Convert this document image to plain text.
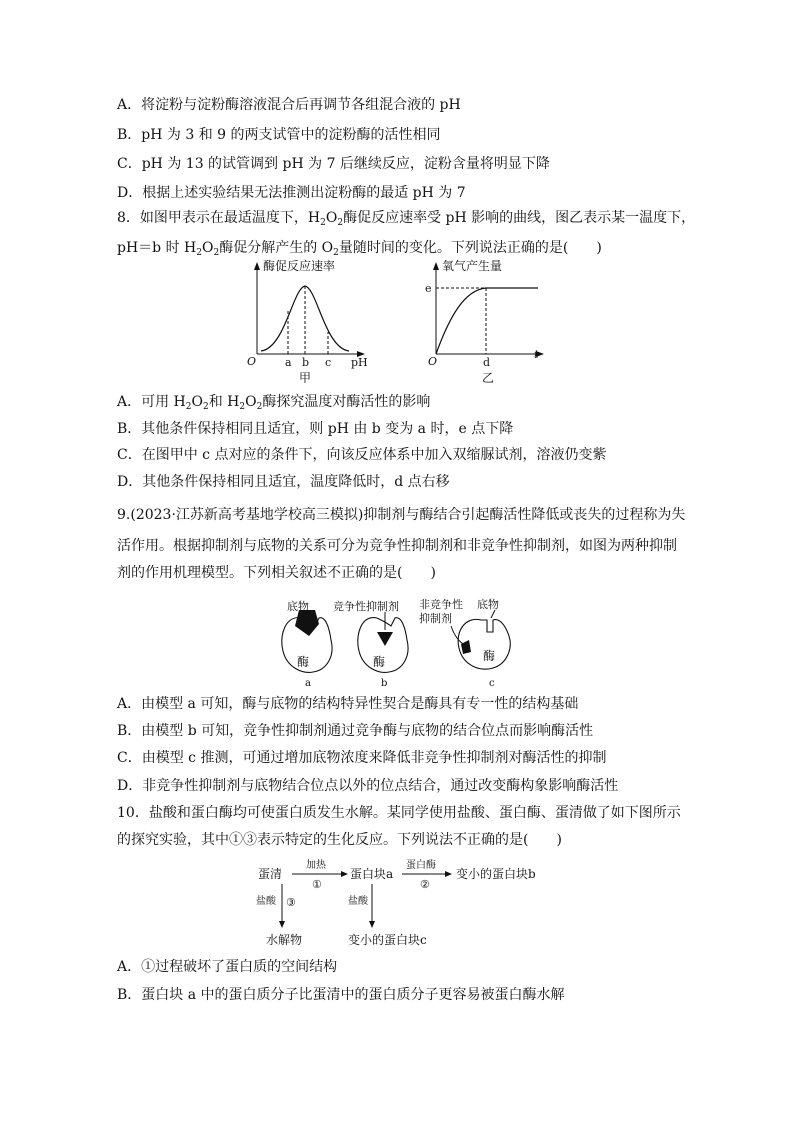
A．将淀粉与淀粉酶溶液混合后再调节各组混合液的 pH
B．pH 为 3 和 9 的两支试管中的淀粉酶的活性相同
C．pH 为 13 的试管调到 pH 为 7 后继续反应，淀粉含量将明显下降
D．根据上述实验结果无法推测出淀粉酶的最适 pH 为 7
8．如图甲表示在最适温度下，$H_2O_2$酶促反应速率受 pH 影响的曲线，图乙表示某一温度下，
pH＝b 时 $H_2O_2$酶促分解产生的 $O_2$量随时间的变化。下列说法正确的是(　　)
酶促反应速率
O	pH
a b c
甲
氧气产生量
e
O	d
t
乙
A．可用 $H_2O_2$和 $H_2O_2$酶探究温度对酶活性的影响
B．其他条件保持相同且适宜，则 pH 由 b 变为 a 时，e 点下降
C．在图甲中 c 点对应的条件下，向该反应体系中加入双缩脲试剂，溶液仍变紫
D．其他条件保持相同且适宜，温度降低时，d 点右移
9.(2023·江苏新高考基地学校高三模拟)抑制剂与酶结合引起酶活性降低或丧失的过程称为失
活作用。根据抑制剂与底物的关系可分为竞争性抑制剂和非竞争性抑制剂，如图为两种抑制
剂的作用机理模型。下列相关叙述不正确的是(　　)
底物
酶
a
竞争性抑制剂
酶
b
非竞争性
抑制剂
底物
酶
c
A．由模型 a 可知，酶与底物的结构特异性契合是酶具有专一性的结构基础
B．由模型 b 可知，竞争性抑制剂通过竞争酶与底物的结合位点而影响酶活性
C．由模型 c 推测，可通过增加底物浓度来降低非竞争性抑制剂对酶活性的抑制
D．非竞争性抑制剂与底物结合位点以外的位点结合，通过改变酶构象影响酶活性
10．盐酸和蛋白酶均可使蛋白质发生水解。某同学使用盐酸、蛋白酶、蛋清做了如下图所示
的探究实验，其中①③表示特定的生化反应。下列说法不正确的是(　　)
蛋清
加热
①
蛋白块a
蛋白酶
②
变小的蛋白块b
盐酸 ③
水解物
盐酸
变小的蛋白块c
A．①过程破坏了蛋白质的空间结构
B．蛋白块 a 中的蛋白质分子比蛋清中的蛋白质分子更容易被蛋白酶水解
